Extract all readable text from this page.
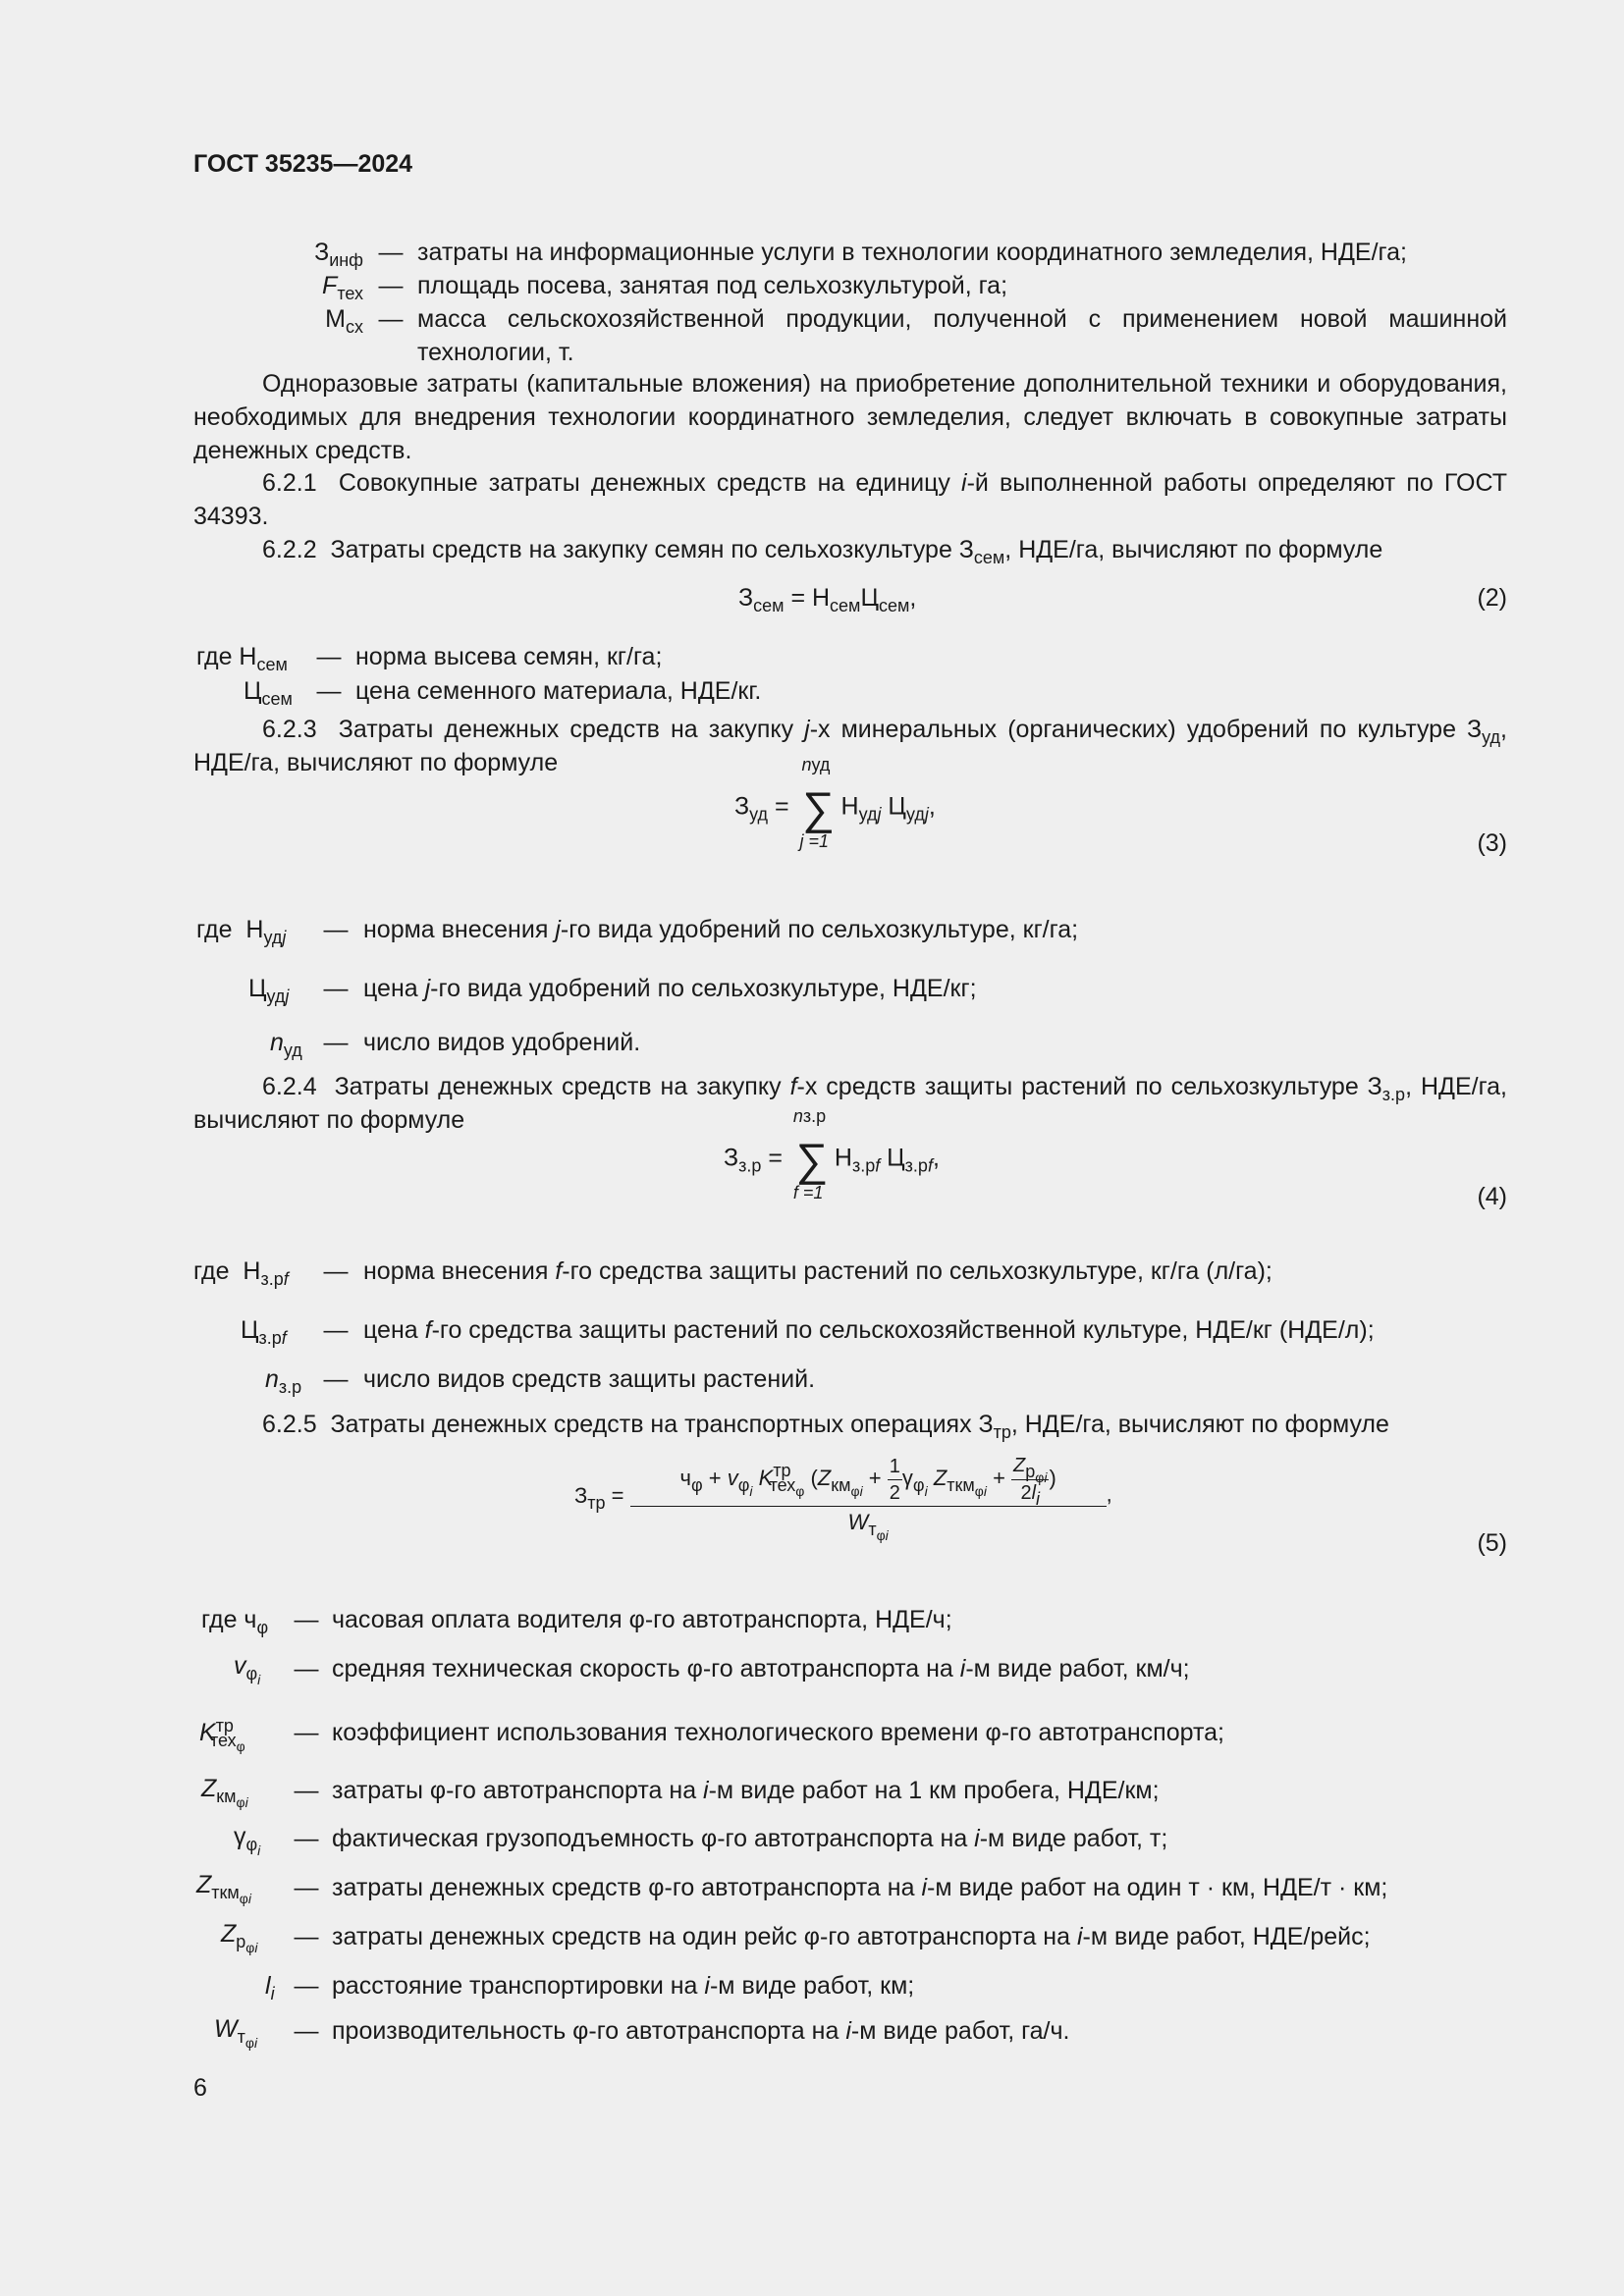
ГОСТ 35235—2024
$З_{инф}$ — затраты на информационные услуги в технологии координатного земледелия, НДЕ/га;
$F_{тех}$ — площадь посева, занятая под сельхозкультурой, га;
$М_{сх}$ — масса сельскохозяйственной продукции, полученной с применением новой машинной технологии, т.
Одноразовые затраты (капитальные вложения) на приобретение дополнительной техники и оборудования, необходимых для внедрения технологии координатного земледелия, следует включать в совокупные затраты денежных средств.
6.2.1 Совокупные затраты денежных средств на единицу i-й выполненной работы определяют по ГОСТ 34393.
6.2.2 Затраты средств на закупку семян по сельхозкультуре $З_{сем}$, НДЕ/га, вычисляют по формуле
$З_{сем} = Н_{сем}Ц_{сем}$,	(2)
где $Н_{сем}$	— норма высева семян, кг/га;
$Ц_{сем}$ — цена семенного материала, НДЕ/кг.
6.2.3 Затраты денежных средств на закупку j-х минеральных (органических) удобрений по культуре $З_{уд}$, НДЕ/га, вычисляют по формуле
$З_{уд}$ =
nуд
∑
j =1
$Н_{удj}$ $Ц_{удj}$,
(3)
где  $Н_{удj}$	— норма внесения j-го вида удобрений по сельхозкультуре, кг/га;
$Ц_{удj}$	— цена j-го вида удобрений по сельхозкультуре, НДЕ/кг;
$n_{уд}$ — число видов удобрений.
6.2.4 Затраты денежных средств на закупку f-х средств защиты растений по сельхозкультуре $З_{з.р}$, НДЕ/га, вычисляют по формуле
$З_{з.р}$ =
nз.р
∑
f =1
$Н_{з.рf}$ $Ц_{з.рf}$,
(4)
где  $Н_{з.рf}$	— норма внесения f-го средства защиты растений по сельхозкультуре, кг/га (л/га);
$Ц_{з.рf}$	— цена f-го средства защиты растений по сельскохозяйственной культуре, НДЕ/кг (НДЕ/л);
$n_{з.р}$ — число видов средств защиты растений.
6.2.5 Затраты денежных средств на транспортных операциях $З_{тр}$, НДЕ/га, вычисляют по формуле
$З_{тр}$ =
$ч_\varphi + v_{\varphi_i}$ $K^{тр}_{тех_\varphi}$ ($Z_{км_{\varphi i}} + \frac{1}{2} \gamma_{\varphi_i}$ $Z_{ткм_{\varphi i}} + \frac{Z_{р_{\varphi i}}}{2l_i}$ )
$W_{т_{\varphi i}}$
,
(5)
где $ч_\varphi$	— часовая оплата водителя φ-го автотранспорта, НДЕ/ч;
$v_{\varphi_i}$	— средняя техническая скорость φ-го автотранспорта на i-м виде работ, км/ч;
$K^{тр}_{тех_\varphi}$	— коэффициент использования технологического времени φ-го автотранспорта;
$Z_{км_{\varphi i}}$	— затраты φ-го автотранспорта на i-м виде работ на 1 км пробега, НДЕ/км;
$\gamma_{\varphi_i}$	— фактическая грузоподъемность φ-го автотранспорта на i-м виде работ, т;
$Z_{ткм_{\varphi i}}$	— затраты денежных средств φ-го автотранспорта на i-м виде работ на один т · км, НДЕ/т · км;
$Z_{р_{\varphi i}}$	— затраты денежных средств на один рейс φ-го автотранспорта на i-м виде работ, НДЕ/рейс;
$l_i$ — расстояние транспортировки на i-м виде работ, км;
$W_{т_{\varphi i}}$	— производительность φ-го автотранспорта на i-м виде работ, га/ч.
6
